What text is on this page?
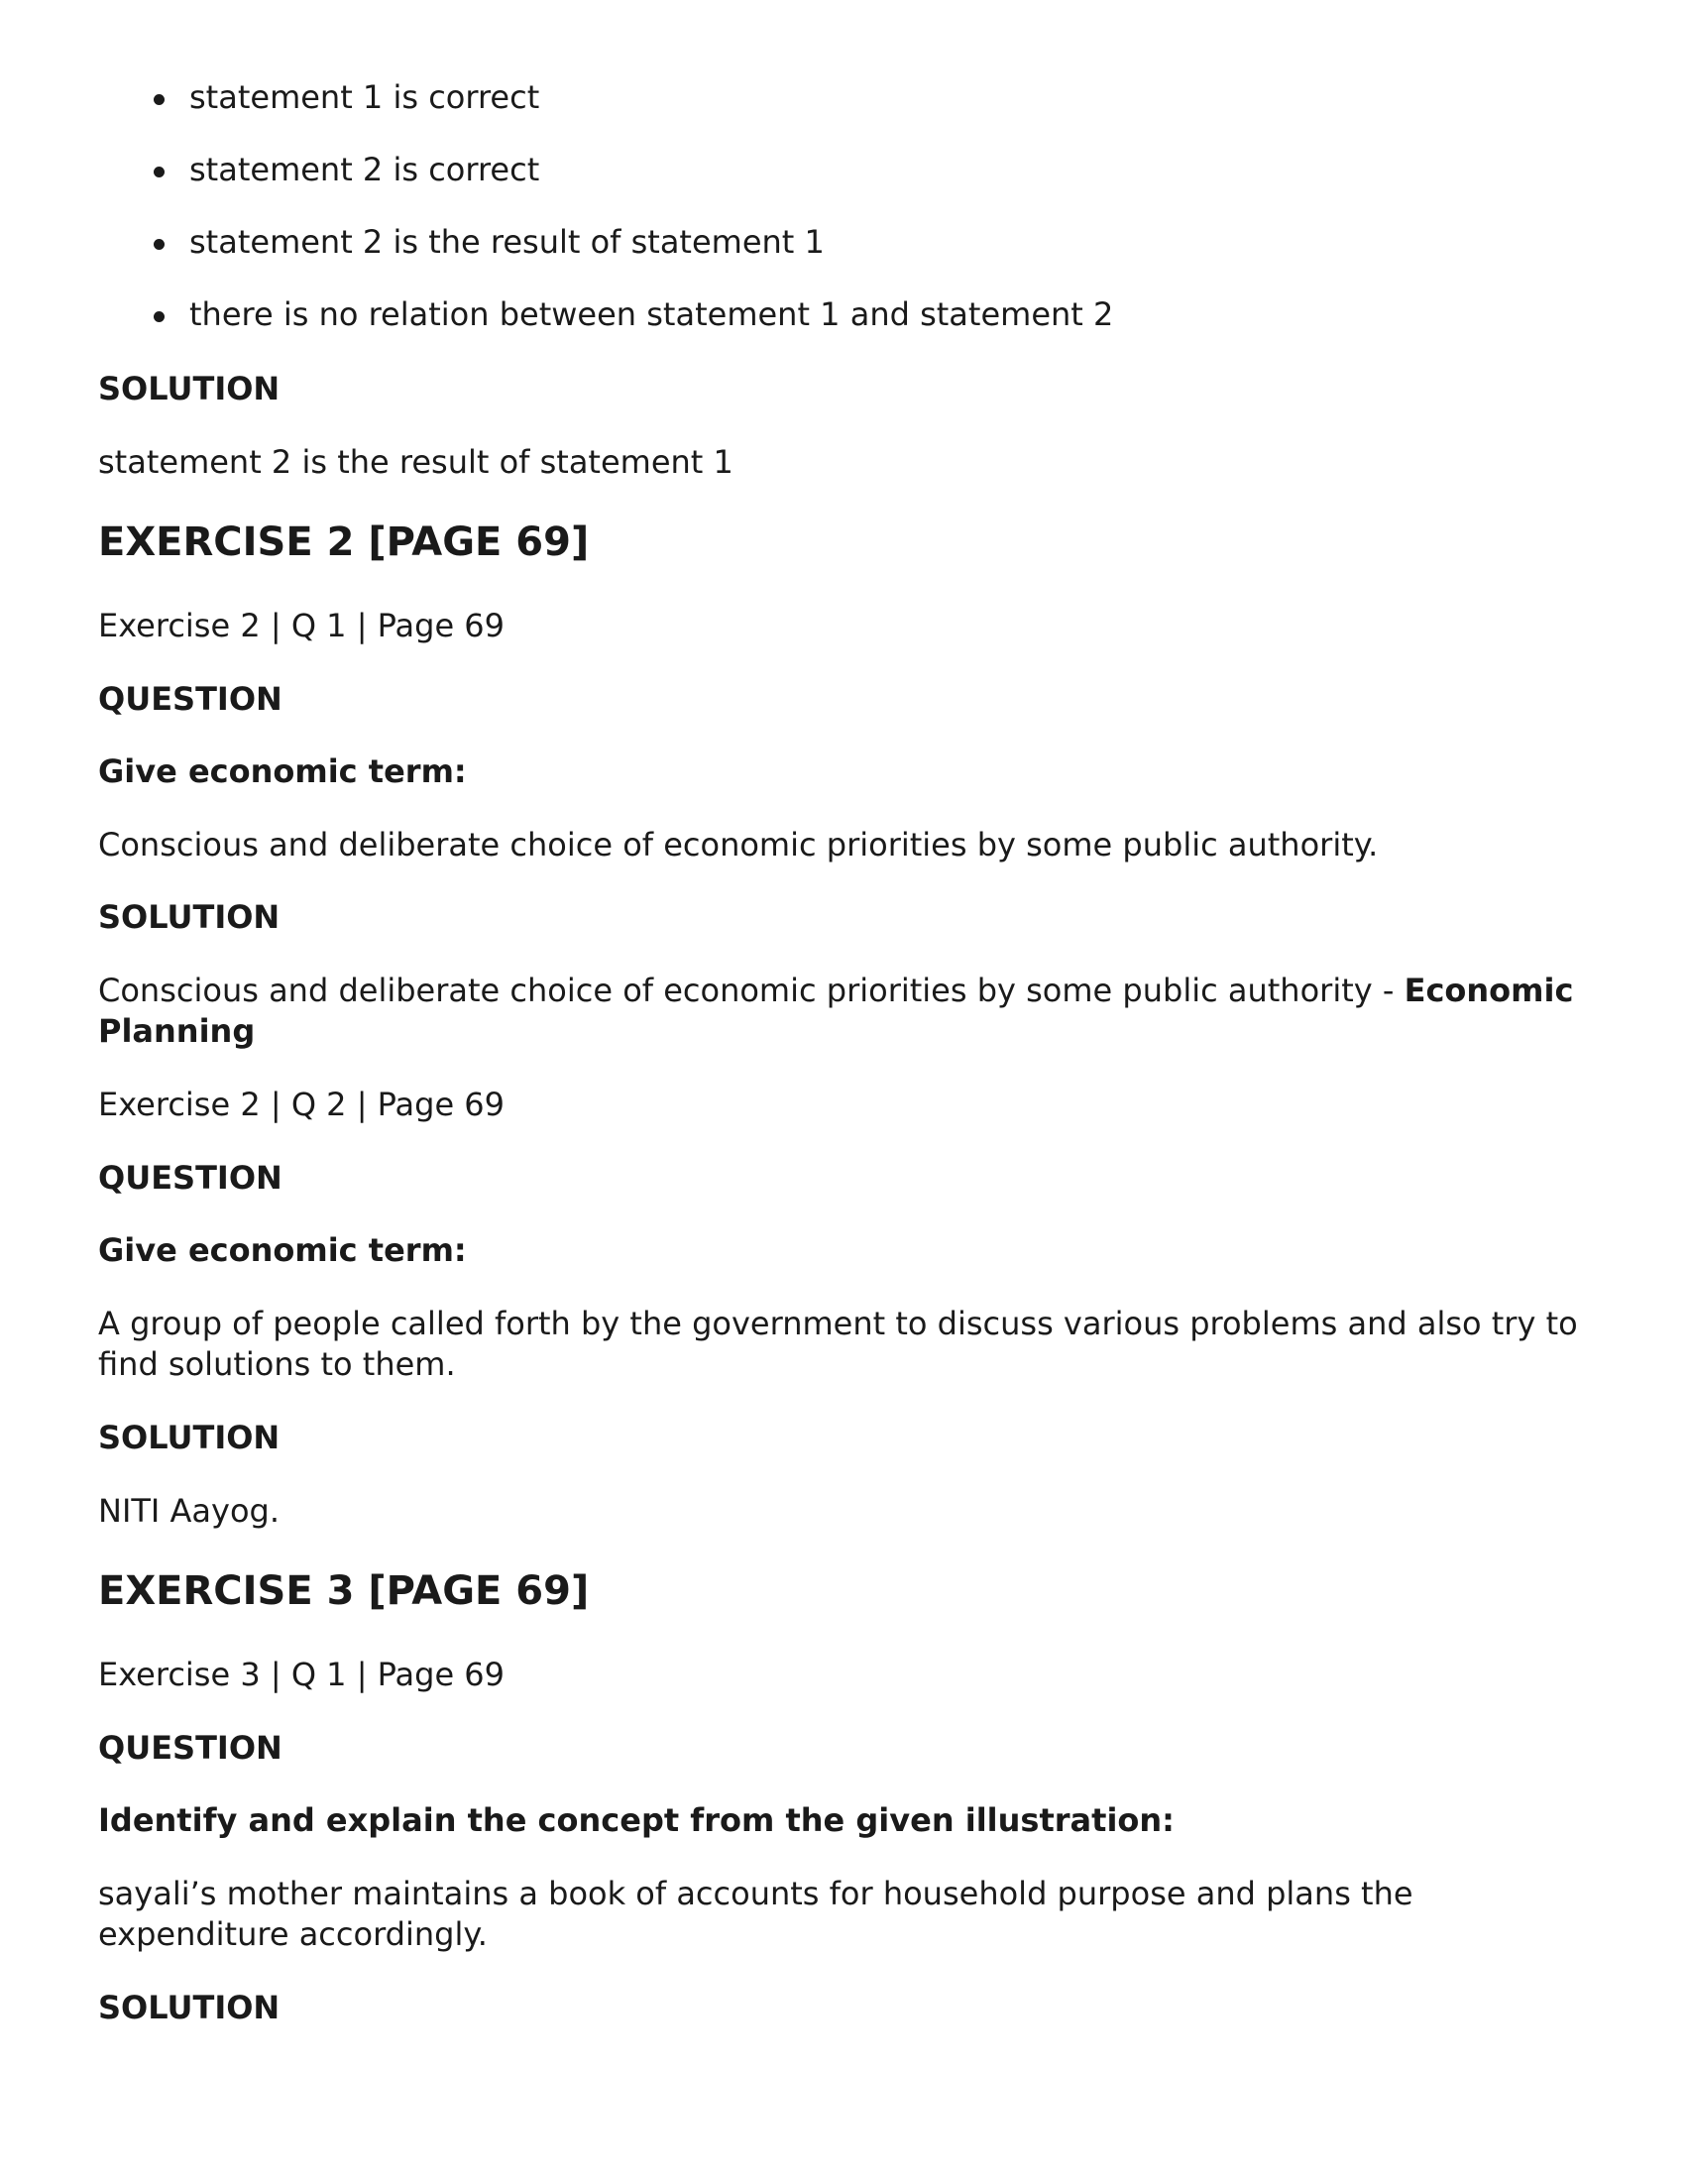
statement 1 is correct
statement 2 is correct
statement 2 is the result of statement 1
there is no relation between statement 1 and statement 2
SOLUTION
statement 2 is the result of statement 1
EXERCISE 2 [PAGE 69]
Exercise 2 | Q 1 | Page 69
QUESTION
Give economic term:
Conscious and deliberate choice of economic priorities by some public authority.
SOLUTION
Conscious and deliberate choice of economic priorities by some public authority - Economic Planning
Exercise 2 | Q 2 | Page 69
QUESTION
Give economic term:
A group of people called forth by the government to discuss various problems and also try to find solutions to them.
SOLUTION
NITI Aayog.
EXERCISE 3 [PAGE 69]
Exercise 3 | Q 1 | Page 69
QUESTION
Identify and explain the concept from the given illustration:
sayali’s mother maintains a book of accounts for household purpose and plans the expenditure accordingly.
SOLUTION
